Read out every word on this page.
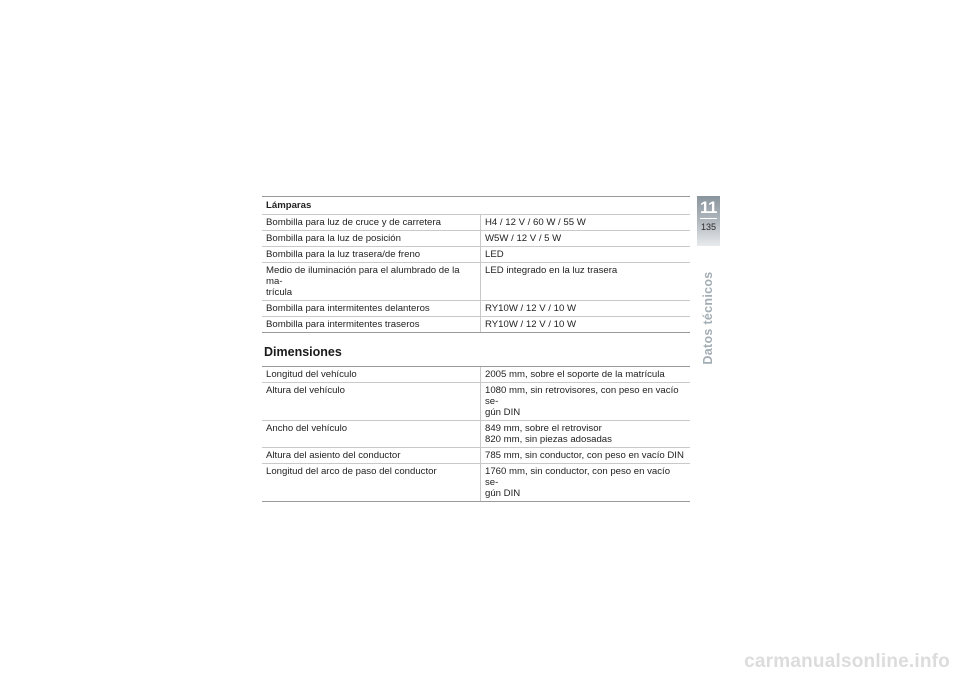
Lámparas	
Bombilla para luz de cruce y de carretera	H4 / 12 V / 60 W / 55 W
Bombilla para la luz de posición	W5W / 12 V / 5 W
Bombilla para la luz trasera/de freno	LED
Medio de iluminación para el alumbrado de la ma-
trícula	LED integrado en la luz trasera
Bombilla para intermitentes delanteros	RY10W / 12 V / 10 W
Bombilla para intermitentes traseros	RY10W / 12 V / 10 W
Dimensiones
Longitud del vehículo	2005 mm, sobre el soporte de la matrícula
Altura del vehículo	1080 mm, sin retrovisores, con peso en vacío se-
gún DIN
Ancho del vehículo	849 mm, sobre el retrovisor
820 mm, sin piezas adosadas
Altura del asiento del conductor	785 mm, sin conductor, con peso en vacío DIN
Longitud del arco de paso del conductor	1760 mm, sin conductor, con peso en vacío se-
gún DIN
11
135
Datos técnicos
carmanualsonline.info
